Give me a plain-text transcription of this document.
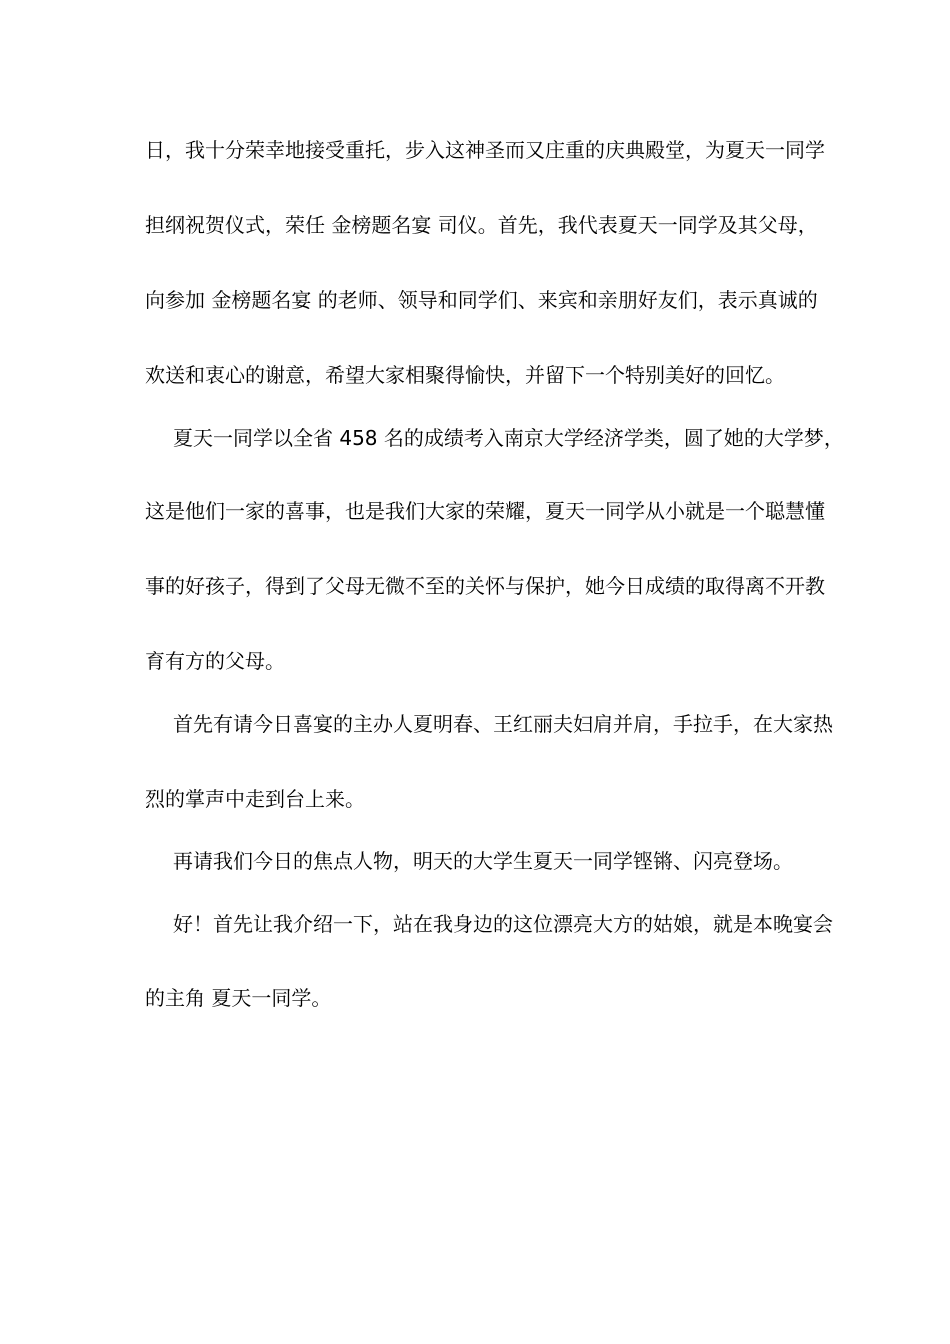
日，我十分荣幸地接受重托，步入这神圣而又庄重的庆典殿堂，为夏天一同学
担纲祝贺仪式，荣任 金榜题名宴 司仪。首先，我代表夏天一同学及其父母，
向参加 金榜题名宴 的老师、领导和同学们、来宾和亲朋好友们，表示真诚的
欢送和衷心的谢意，希望大家相聚得愉快，并留下一个特别美好的回忆。
夏天一同学以全省 458 名的成绩考入南京大学经济学类，圆了她的大学梦，
这是他们一家的喜事，也是我们大家的荣耀，夏天一同学从小就是一个聪慧懂
事的好孩子，得到了父母无微不至的关怀与保护，她今日成绩的取得离不开教
育有方的父母。
首先有请今日喜宴的主办人夏明春、王红丽夫妇肩并肩，手拉手，在大家热
烈的掌声中走到台上来。
再请我们今日的焦点人物，明天的大学生夏天一同学铿锵、闪亮登场。
好！首先让我介绍一下，站在我身边的这位漂亮大方的姑娘，就是本晚宴会
的主角 夏天一同学。
